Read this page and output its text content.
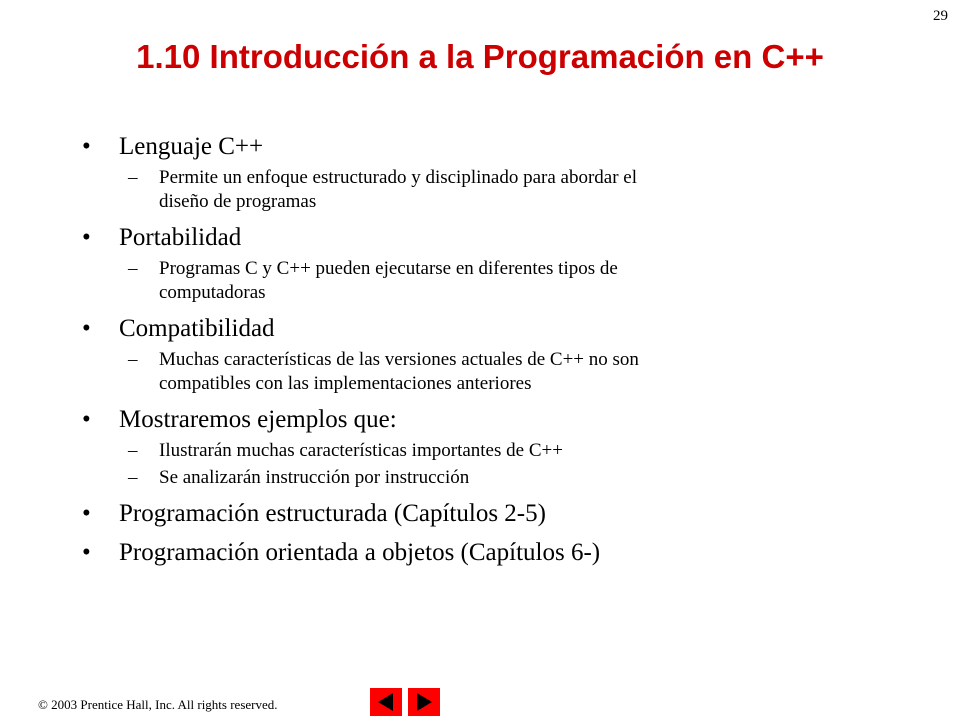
29
1.10 Introducción a la Programación en C++
• Lenguaje C++
– Permite un enfoque estructurado y disciplinado para abordar el
diseño de programas
• Portabilidad
– Programas C y C++ pueden ejecutarse en diferentes tipos de
computadoras
• Compatibilidad
– Muchas características de las versiones actuales de C++ no son
compatibles con las implementaciones anteriores
• Mostraremos ejemplos que:
– Ilustrarán muchas características importantes de C++
– Se analizarán instrucción por instrucción
• Programación estructurada (Capítulos 2-5)
• Programación orientada a objetos (Capítulos 6-)
© 2003 Prentice Hall, Inc. All rights reserved.
